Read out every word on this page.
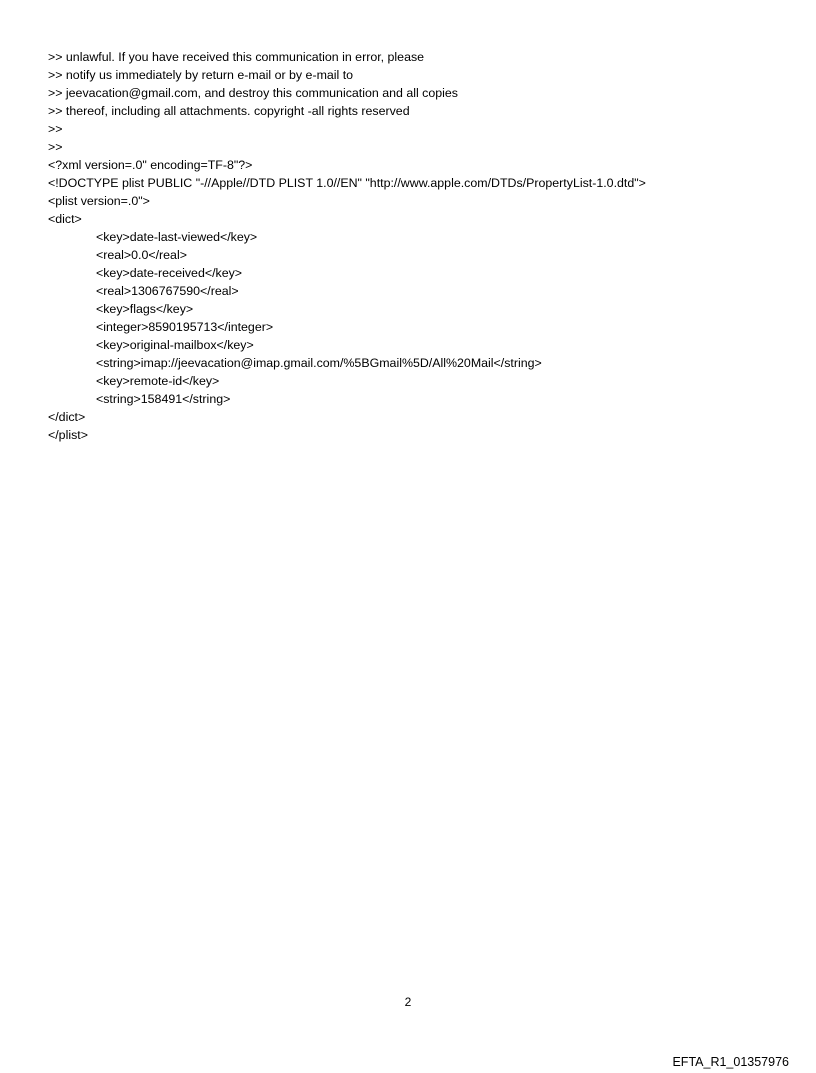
>> unlawful. If you have received this communication in error, please
>> notify us immediately by return e-mail or by e-mail to
>> jeevacation@gmail.com, and destroy this communication and all copies
>> thereof, including all attachments. copyright -all rights reserved
>>
>>
<?xml version=.0" encoding=TF-8"?>
<!DOCTYPE plist PUBLIC "-//Apple//DTD PLIST 1.0//EN" "http://www.apple.com/DTDs/PropertyList-1.0.dtd">
<plist version=.0">
<dict>
<key>date-last-viewed</key>
<real>0.0</real>
<key>date-received</key>
<real>1306767590</real>
<key>flags</key>
<integer>8590195713</integer>
<key>original-mailbox</key>
<string>imap://jeevacation@imap.gmail.com/%5BGmail%5D/All%20Mail</string>
<key>remote-id</key>
<string>158491</string>
</dict>
</plist>
2
EFTA_R1_01357976
